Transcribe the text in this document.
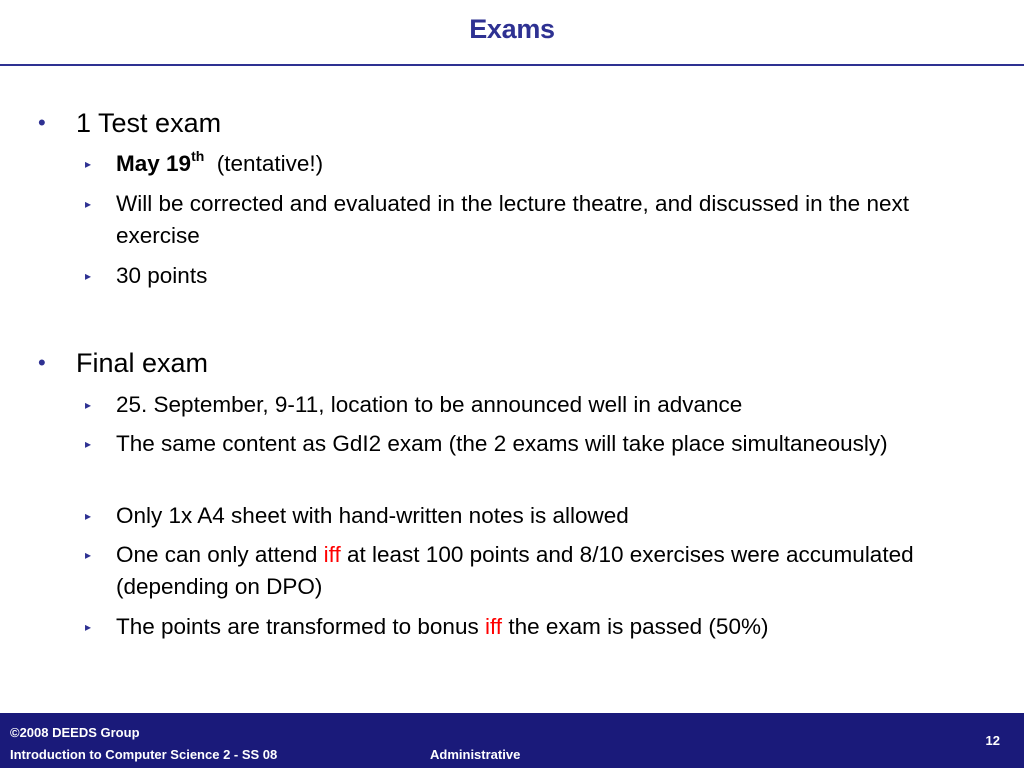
Exams
• 1 Test exam
▸ May 19th (tentative!)
▸ Will be corrected and evaluated in the lecture theatre, and discussed in the next exercise
▸ 30 points
• Final exam
▸ 25. September, 9-11, location to be announced well in advance
▸ The same content as GdI2 exam (the 2 exams will take place simultaneously)
▸ Only 1x A4 sheet with hand-written notes is allowed
▸ One can only attend iff at least 100 points and 8/10 exercises were accumulated (depending on DPO)
▸ The points are transformed to bonus iff the exam is passed (50%)
©2008 DEEDS Group
Introduction to Computer Science 2 - SS 08	Administrative
12
